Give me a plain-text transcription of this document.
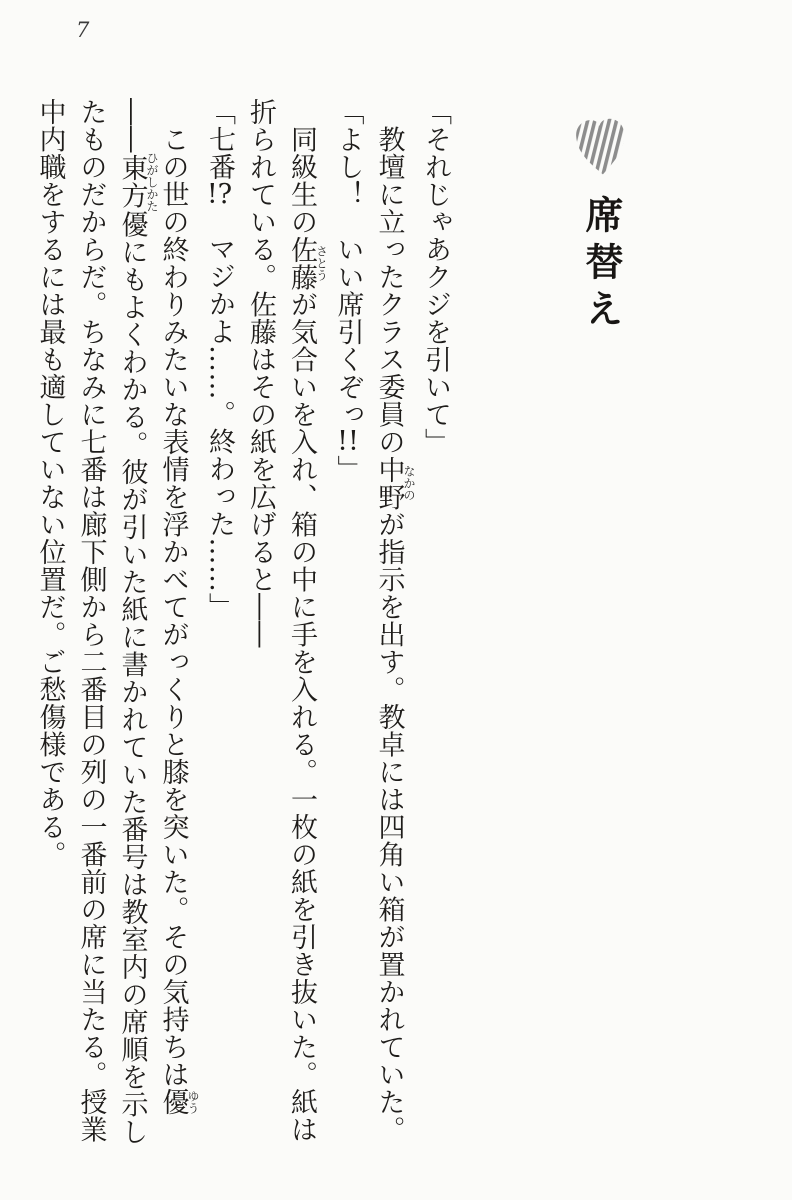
7
席替え

「それじゃあクジを引いて」

　教壇に立ったクラス委員の中野なかのが指示を出す。教卓には四角い箱が置かれていた。

「よし！　いい席引くぞっ!!」

　同級生の佐藤さとうが気合いを入れ、箱の中に手を入れる。一枚の紙を引き抜いた。紙は折られている。佐藤はその紙を広げると――

「七番!?　マジかよ……。終わった……」

　この世の終わりみたいな表情を浮かべてがっくりと膝を突いた。その気持ちは優ゆう――東方ひがしかた優にもよくわかる。彼が引いた紙に書かれていた番号は教室内の席順を示したものだからだ。ちなみに七番は廊下側から二番目の列の一番前の席に当たる。授業中内職をするには最も適していない位置だ。ご愁傷様である。
